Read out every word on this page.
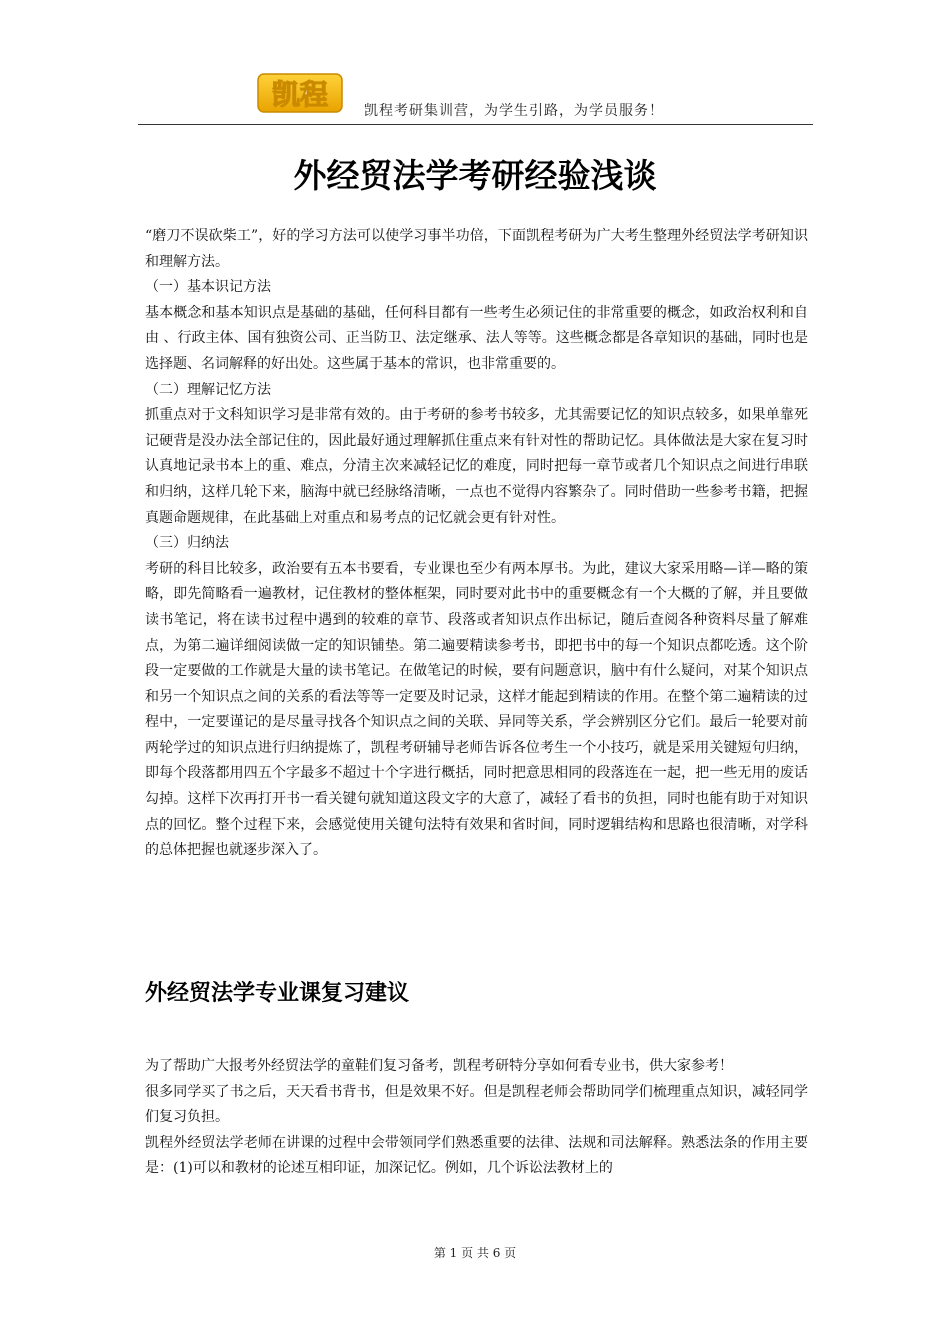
凯程	凯程考研集训营，为学生引路，为学员服务！
外经贸法学考研经验浅谈

“磨刀不误砍柴工”，好的学习方法可以使学习事半功倍，下面凯程考研为广大考生整理外经贸法学考研知识和理解方法。

（一）基本识记方法

基本概念和基本知识点是基础的基础，任何科目都有一些考生必须记住的非常重要的概念，如政治权利和自由 、行政主体、国有独资公司、正当防卫、法定继承、法人等等。这些概念都是各章知识的基础，同时也是选择题、名词解释的好出处。这些属于基本的常识，也非常重要的。

（二）理解记忆方法

抓重点对于文科知识学习是非常有效的。由于考研的参考书较多，尤其需要记忆的知识点较多，如果单靠死记硬背是没办法全部记住的，因此最好通过理解抓住重点来有针对性的帮助记忆。具体做法是大家在复习时认真地记录书本上的重、难点，分清主次来减轻记忆的难度，同时把每一章节或者几个知识点之间进行串联和归纳，这样几轮下来，脑海中就已经脉络清晰，一点也不觉得内容繁杂了。同时借助一些参考书籍，把握真题命题规律，在此基础上对重点和易考点的记忆就会更有针对性。

（三）归纳法

考研的科目比较多，政治要有五本书要看，专业课也至少有两本厚书。为此，建议大家采用略—详—略的策略，即先简略看一遍教材，记住教材的整体框架，同时要对此书中的重要概念有一个大概的了解，并且要做读书笔记，将在读书过程中遇到的较难的章节、段落或者知识点作出标记，随后查阅各种资料尽量了解难点，为第二遍详细阅读做一定的知识铺垫。第二遍要精读参考书，即把书中的每一个知识点都吃透。这个阶段一定要做的工作就是大量的读书笔记。在做笔记的时候，要有问题意识，脑中有什么疑问，对某个知识点和另一个知识点之间的关系的看法等等一定要及时记录，这样才能起到精读的作用。在整个第二遍精读的过程中，一定要谨记的是尽量寻找各个知识点之间的关联、异同等关系，学会辨别区分它们。最后一轮要对前两轮学过的知识点进行归纳提炼了，凯程考研辅导老师告诉各位考生一个小技巧，就是采用关键短句归纳，即每个段落都用四五个字最多不超过十个字进行概括，同时把意思相同的段落连在一起，把一些无用的废话勾掉。这样下次再打开书一看关键句就知道这段文字的大意了，减轻了看书的负担，同时也能有助于对知识点的回忆。整个过程下来，会感觉使用关键句法特有效果和省时间，同时逻辑结构和思路也很清晰，对学科的总体把握也就逐步深入了。

外经贸法学专业课复习建议

为了帮助广大报考外经贸法学的童鞋们复习备考，凯程考研特分享如何看专业书，供大家参考！

很多同学买了书之后，天天看书背书，但是效果不好。但是凯程老师会帮助同学们梳理重点知识，减轻同学们复习负担。

凯程外经贸法学老师在讲课的过程中会带领同学们熟悉重要的法律、法规和司法解释。熟悉法条的作用主要是：(1)可以和教材的论述互相印证，加深记忆。例如，几个诉讼法教材上的

第 1 页 共 6 页
